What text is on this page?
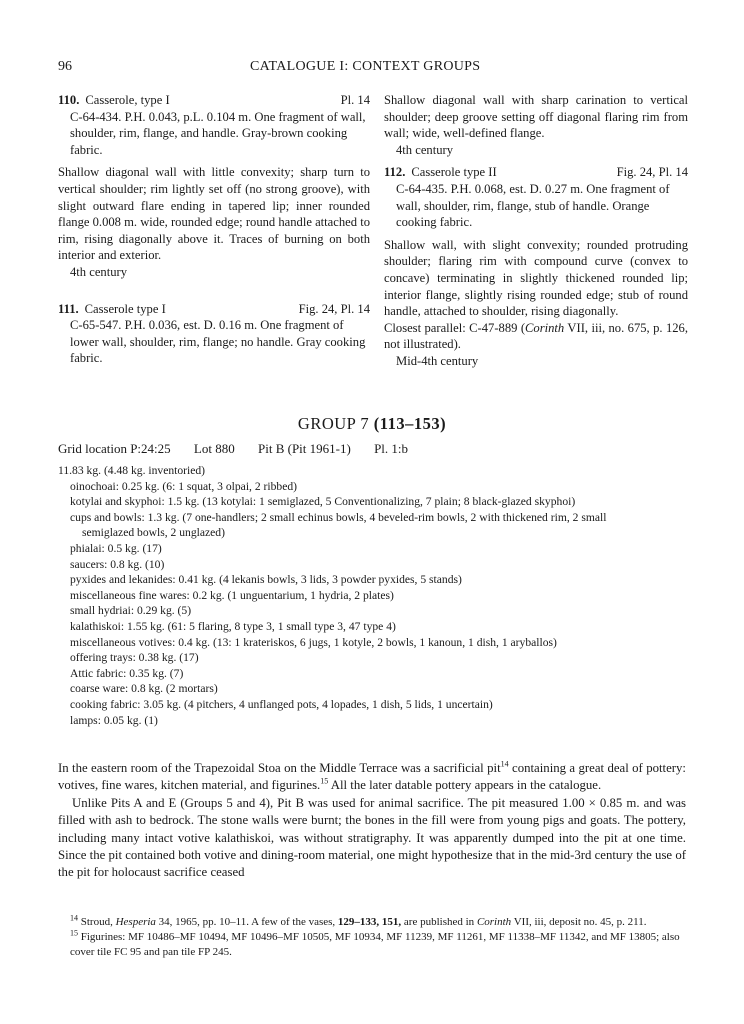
96	CATALOGUE I: CONTEXT GROUPS

110. Casserole, type I	Pl. 14

C-64-434. P.H. 0.043, p.L. 0.104 m. One fragment of wall, shoulder, rim, flange, and handle. Gray-brown cooking fabric.

Shallow diagonal wall with little convexity; sharp turn to vertical shoulder; rim lightly set off (no strong groove), with slight outward flare ending in tapered lip; inner rounded flange 0.008 m. wide, rounded edge; round handle attached to rim, rising diagonally above it. Traces of burning on both interior and exterior.

4th century

111. Casserole type I	Fig. 24, Pl. 14

C-65-547. P.H. 0.036, est. D. 0.16 m. One fragment of lower wall, shoulder, rim, flange; no handle. Gray cooking fabric.

Shallow diagonal wall with sharp carination to vertical shoulder; deep groove setting off diagonal flaring rim from wall; wide, well-defined flange.

4th century

112. Casserole type II	Fig. 24, Pl. 14

C-64-435. P.H. 0.068, est. D. 0.27 m. One fragment of wall, shoulder, rim, flange, stub of handle. Orange cooking fabric.

Shallow wall, with slight convexity; rounded protruding shoulder; flaring rim with compound curve (convex to concave) terminating in slightly thickened rounded lip; interior flange, slightly rising rounded edge; stub of round handle, attached to shoulder, rising diagonally.

Closest parallel: C-47-889 (Corinth VII, iii, no. 675, p. 126, not illustrated).

Mid-4th century

GROUP 7 (113–153)
Grid location P:24:25 Lot 880 Pit B (Pit 1961-1) Pl. 1:b

11.83 kg. (4.48 kg. inventoried)

oinochoai: 0.25 kg. (6: 1 squat, 3 olpai, 2 ribbed)

kotylai and skyphoi: 1.5 kg. (13 kotylai: 1 semiglazed, 5 Conventionalizing, 7 plain; 8 black-glazed skyphoi)

cups and bowls: 1.3 kg. (7 one-handlers; 2 small echinus bowls, 4 beveled-rim bowls, 2 with thickened rim, 2 small
semiglazed bowls, 2 unglazed)

phialai: 0.5 kg. (17)

saucers: 0.8 kg. (10)

pyxides and lekanides: 0.41 kg. (4 lekanis bowls, 3 lids, 3 powder pyxides, 5 stands)

miscellaneous fine wares: 0.2 kg. (1 unguentarium, 1 hydria, 2 plates)

small hydriai: 0.29 kg. (5)

kalathiskoi: 1.55 kg. (61: 5 flaring, 8 type 3, 1 small type 3, 47 type 4)

miscellaneous votives: 0.4 kg. (13: 1 krateriskos, 6 jugs, 1 kotyle, 2 bowls, 1 kanoun, 1 dish, 1 aryballos)

offering trays: 0.38 kg. (17)

Attic fabric: 0.35 kg. (7)

coarse ware: 0.8 kg. (2 mortars)

cooking fabric: 3.05 kg. (4 pitchers, 4 unflanged pots, 4 lopades, 1 dish, 5 lids, 1 uncertain)

lamps: 0.05 kg. (1)

In the eastern room of the Trapezoidal Stoa on the Middle Terrace was a sacrificial pit$^{14}$ containing a great deal of pottery: votives, fine wares, kitchen material, and figurines.$^{15}$ All the later datable pottery appears in the catalogue.

Unlike Pits A and E (Groups 5 and 4), Pit B was used for animal sacrifice. The pit measured 1.00 × 0.85 m. and was filled with ash to bedrock. The stone walls were burnt; the bones in the fill were from young pigs and goats. The pottery, including many intact votive kalathiskoi, was without stratigraphy. It was apparently dumped into the pit at one time. Since the pit contained both votive and dining-room material, one might hypothesize that in the mid-3rd century the use of the pit for holocaust sacrifice ceased

$^{14}$ Stroud, Hesperia 34, 1965, pp. 10–11. A few of the vases, 129–133, 151, are published in Corinth VII, iii, deposit no. 45, p. 211.

$^{15}$ Figurines: MF 10486–MF 10494, MF 10496–MF 10505, MF 10934, MF 11239, MF 11261, MF 11338–MF 11342, and MF 13805; also cover tile FC 95 and pan tile FP 245.
